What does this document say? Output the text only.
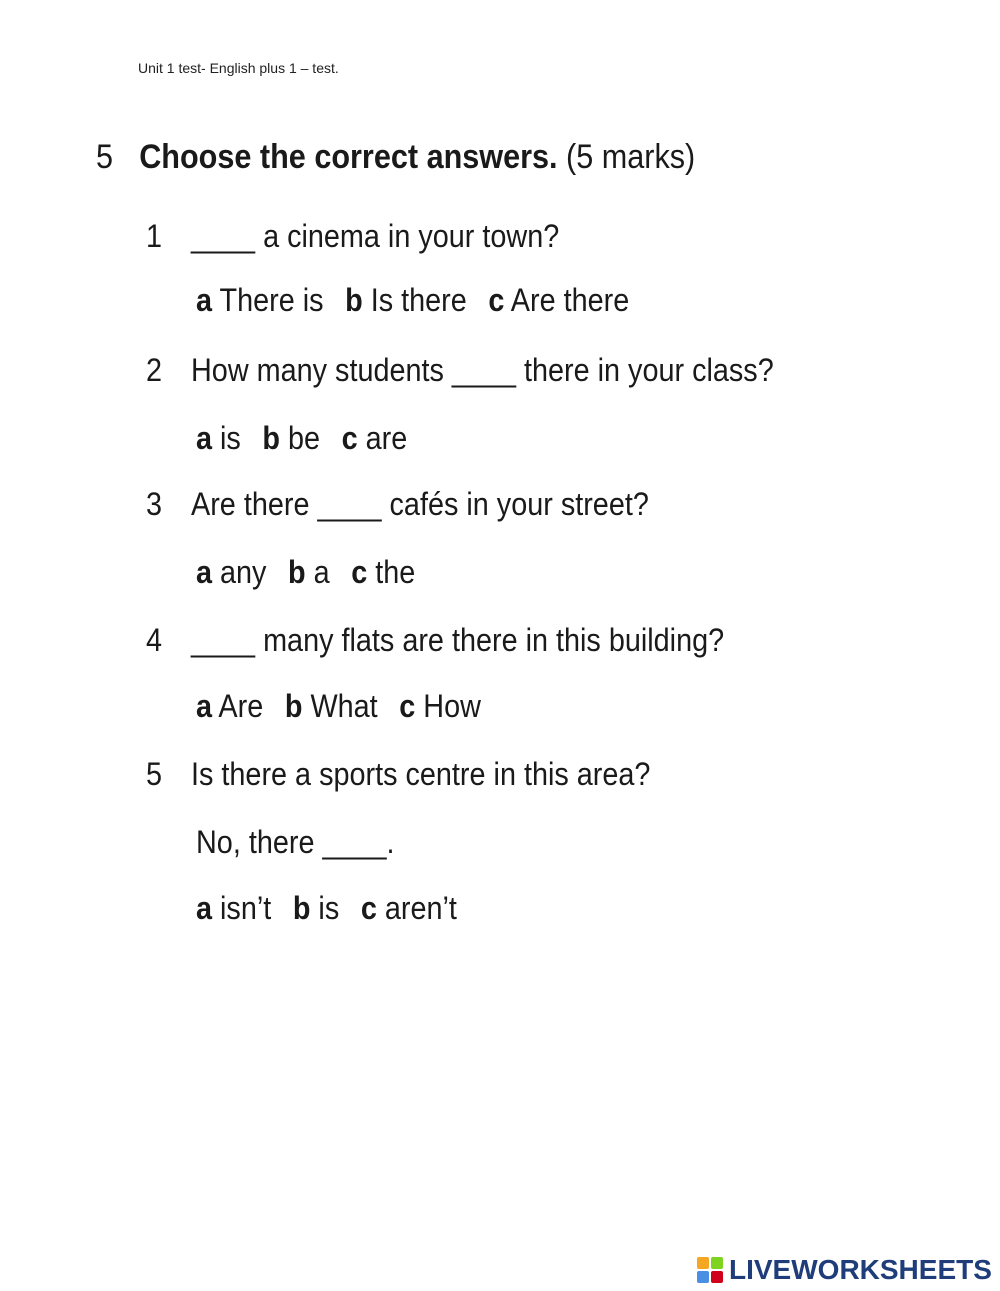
Unit 1 test- English plus 1 – test.
5 Choose the correct answers. (5 marks)
1 ____ a cinema in your town?
a There is b Is there c Are there
2 How many students ____ there in your class?
a is b be c are
3 Are there ____ cafés in your street?
a any b a c the
4 ____ many flats are there in this building?
a Are b What c How
5 Is there a sports centre in this area?
No, there ____.
a isn’t b is c aren’t
LIVEWORKSHEETS
